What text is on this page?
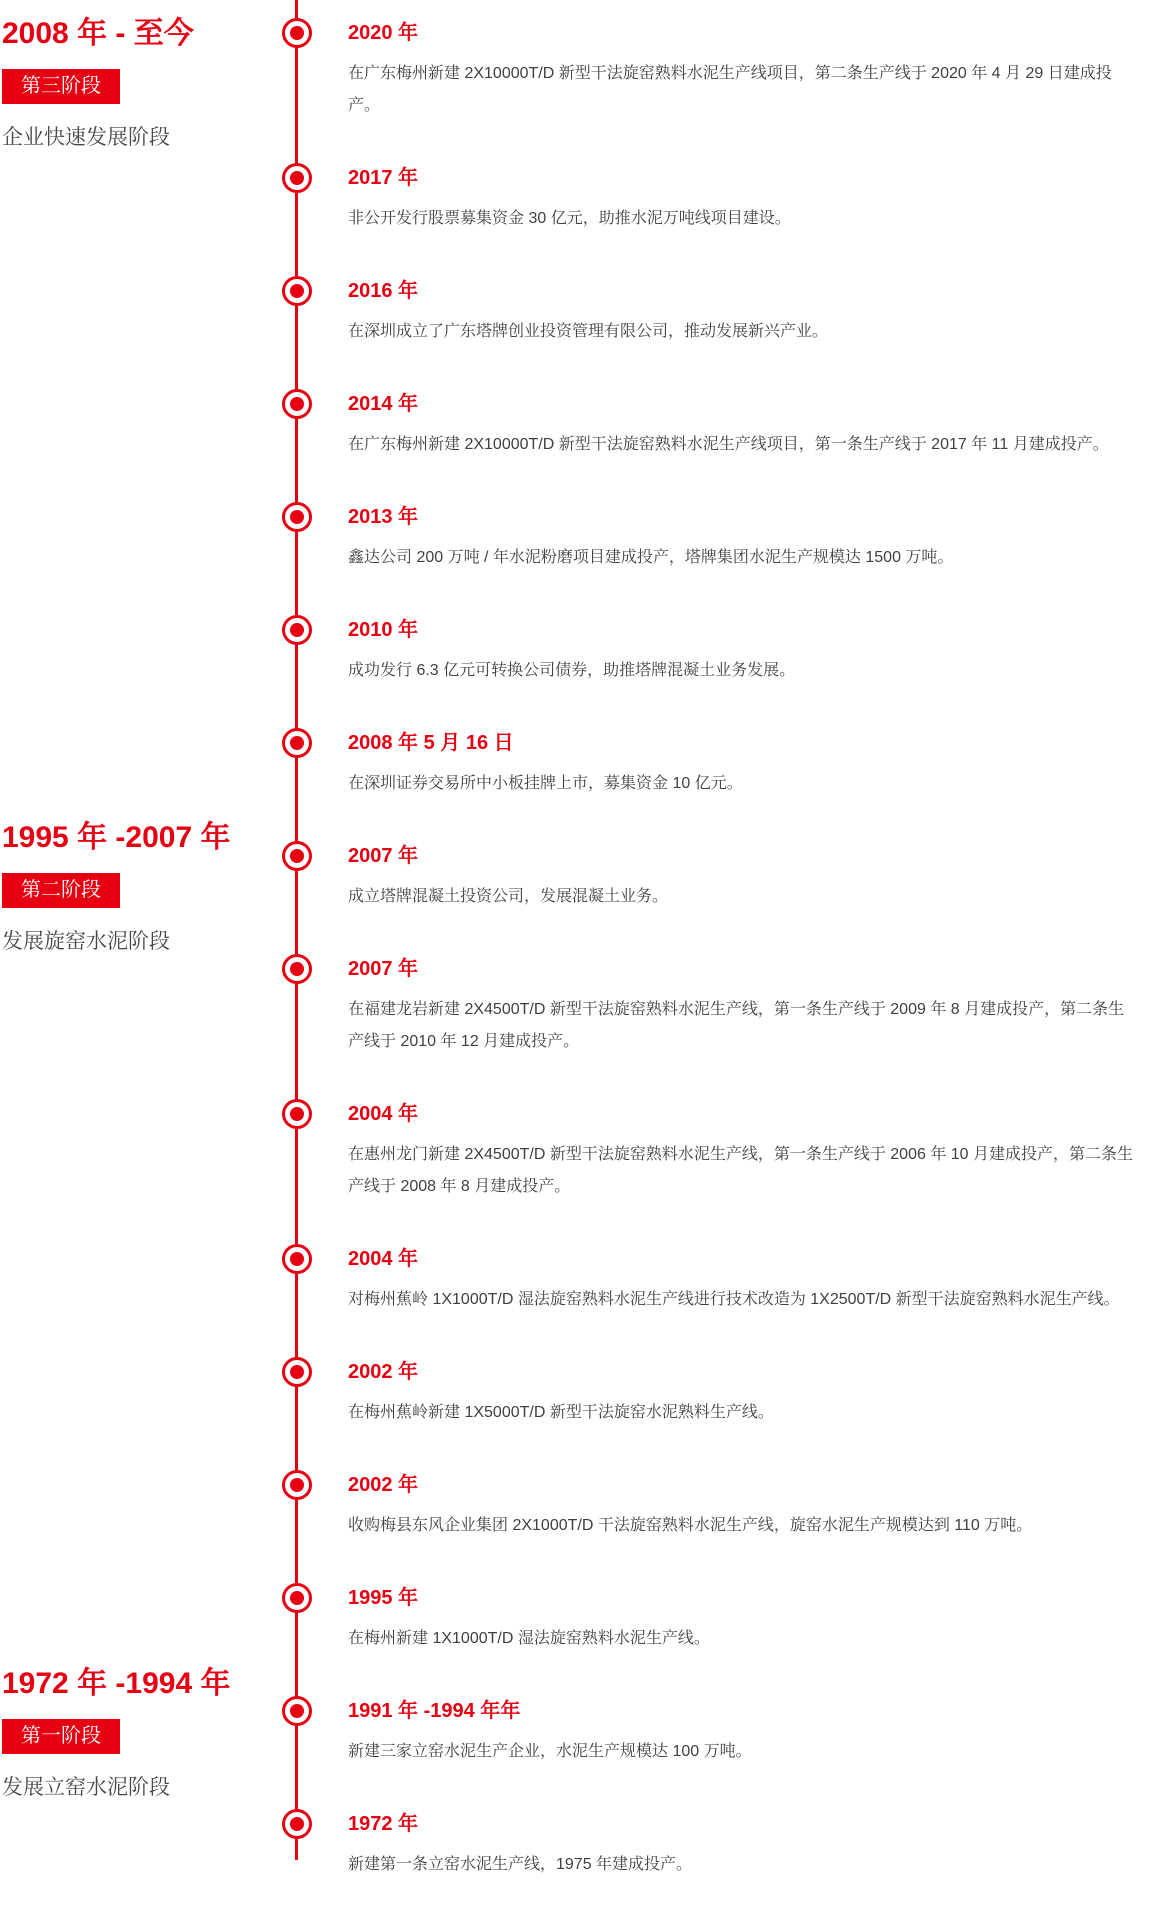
2008 年 - 至今
第三阶段
企业快速发展阶段
1995 年 -2007 年
第二阶段
发展旋窑水泥阶段
1972 年 -1994 年
第一阶段
发展立窑水泥阶段
2020 年
在广东梅州新建 2X10000T/D 新型干法旋窑熟料水泥生产线项目，第二条生产线于 2020 年 4 月 29 日建成投产。
2017 年
非公开发行股票募集资金 30 亿元，助推水泥万吨线项目建设。
2016 年
在深圳成立了广东塔牌创业投资管理有限公司，推动发展新兴产业。
2014 年
在广东梅州新建 2X10000T/D 新型干法旋窑熟料水泥生产线项目，第一条生产线于 2017 年 11 月建成投产。
2013 年
鑫达公司 200 万吨 / 年水泥粉磨项目建成投产，塔牌集团水泥生产规模达 1500 万吨。
2010 年
成功发行 6.3 亿元可转换公司债券，助推塔牌混凝土业务发展。
2008 年 5 月 16 日
在深圳证券交易所中小板挂牌上市，募集资金 10 亿元。
2007 年
成立塔牌混凝土投资公司，发展混凝土业务。
2007 年
在福建龙岩新建 2X4500T/D 新型干法旋窑熟料水泥生产线，第一条生产线于 2009 年 8 月建成投产，第二条生产线于 2010 年 12 月建成投产。
2004 年
在惠州龙门新建 2X4500T/D 新型干法旋窑熟料水泥生产线，第一条生产线于 2006 年 10 月建成投产，第二条生产线于 2008 年 8 月建成投产。
2004 年
对梅州蕉岭 1X1000T/D 湿法旋窑熟料水泥生产线进行技术改造为 1X2500T/D 新型干法旋窑熟料水泥生产线。
2002 年
在梅州蕉岭新建 1X5000T/D 新型干法旋窑水泥熟料生产线。
2002 年
收购梅县东风企业集团 2X1000T/D 干法旋窑熟料水泥生产线，旋窑水泥生产规模达到 110 万吨。
1995 年
在梅州新建 1X1000T/D 湿法旋窑熟料水泥生产线。
1991 年 -1994 年年
新建三家立窑水泥生产企业，水泥生产规模达 100 万吨。
1972 年
新建第一条立窑水泥生产线，1975 年建成投产。
